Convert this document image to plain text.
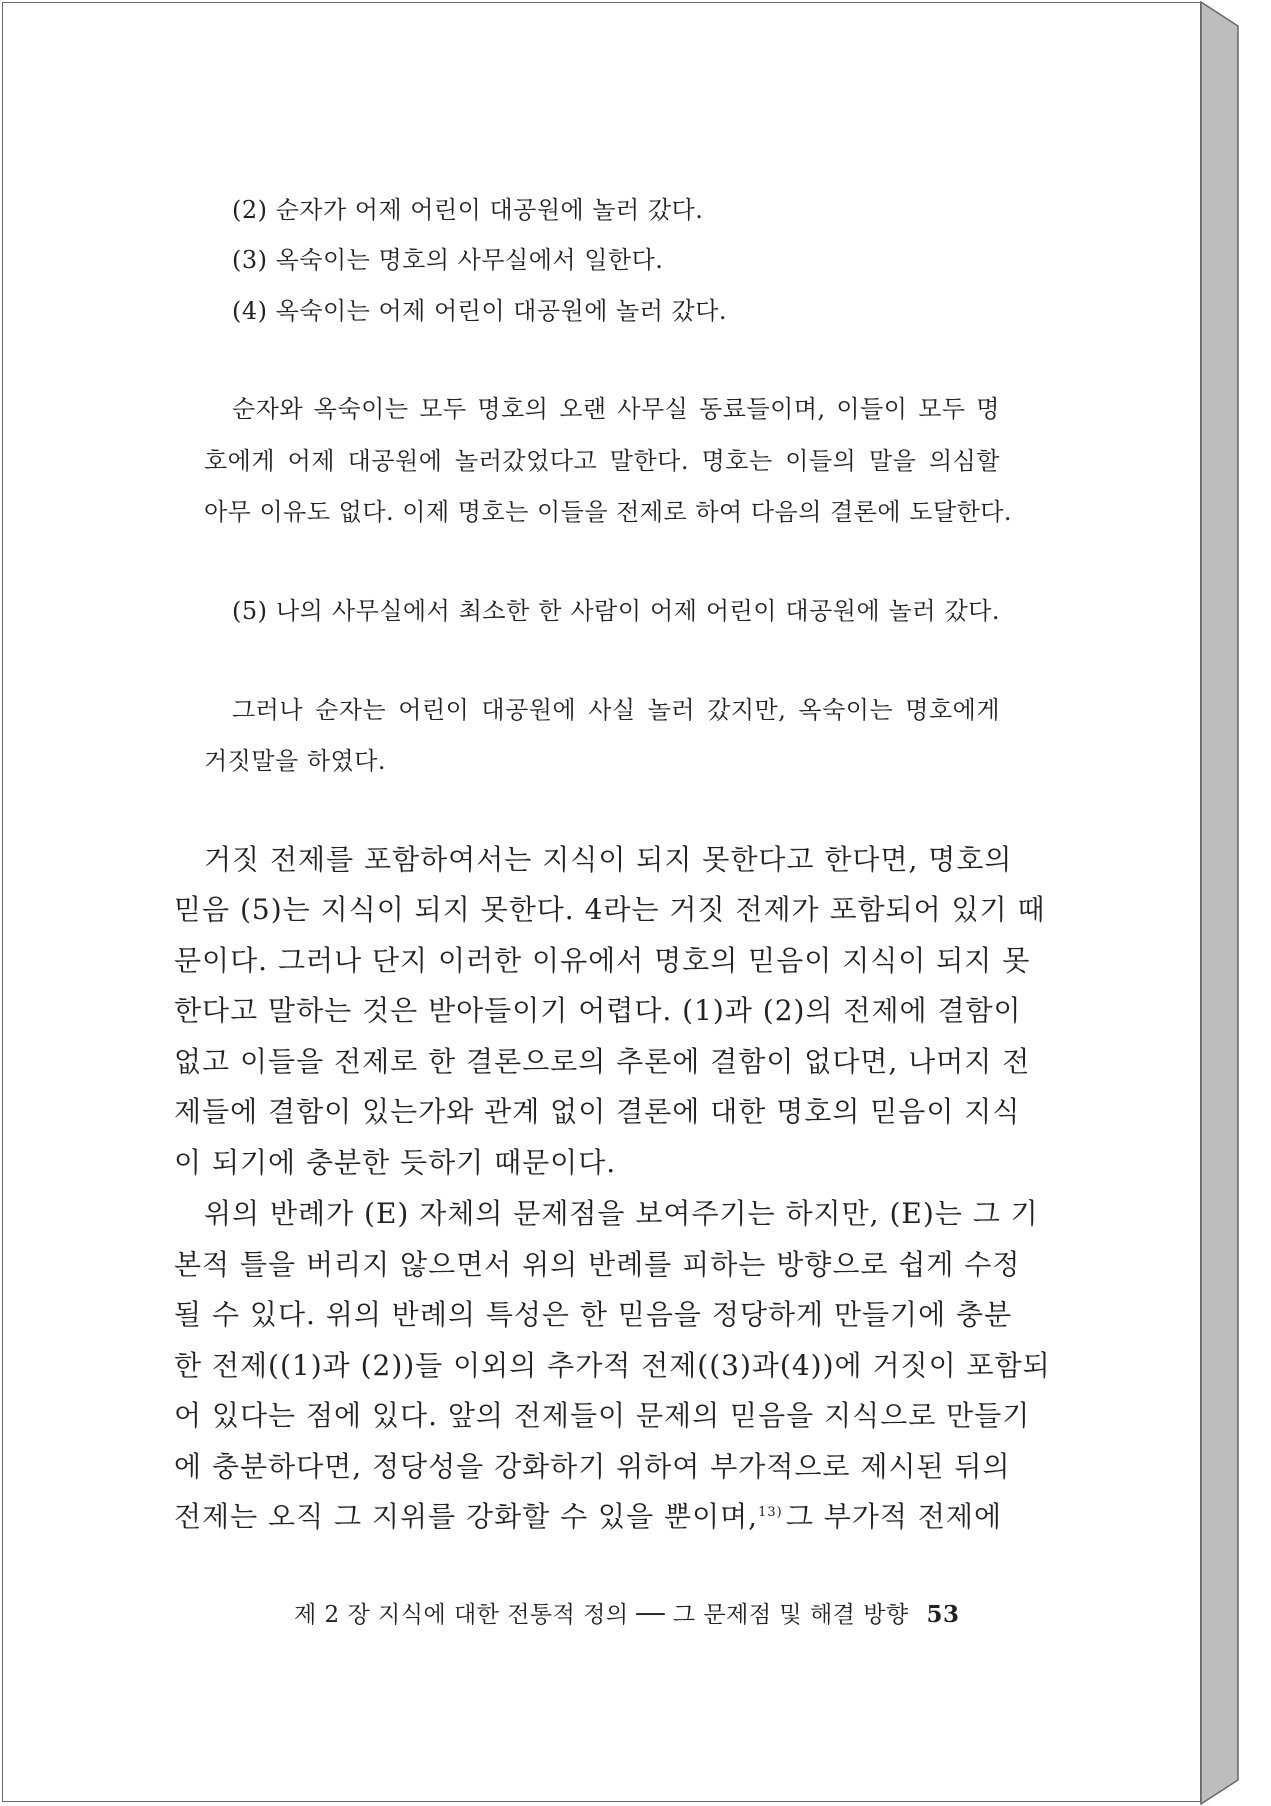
(2) 순자가 어제 어린이 대공원에 놀러 갔다.

(3) 옥숙이는 명호의 사무실에서 일한다.

(4) 옥숙이는 어제 어린이 대공원에 놀러 갔다.

순자와 옥숙이는 모두 명호의 오랜 사무실 동료들이며, 이들이 모두 명

호에게 어제 대공원에 놀러갔었다고 말한다. 명호는 이들의 말을 의심할

아무 이유도 없다. 이제 명호는 이들을 전제로 하여 다음의 결론에 도달한다.

(5) 나의 사무실에서 최소한 한 사람이 어제 어린이 대공원에 놀러 갔다.

그러나 순자는 어린이 대공원에 사실 놀러 갔지만, 옥숙이는 명호에게

거짓말을 하였다.

거짓 전제를 포함하여서는 지식이 되지 못한다고 한다면, 명호의

믿음 (5)는 지식이 되지 못한다. 4라는 거짓 전제가 포함되어 있기 때

문이다. 그러나 단지 이러한 이유에서 명호의 믿음이 지식이 되지 못

한다고 말하는 것은 받아들이기 어렵다. (1)과 (2)의 전제에 결함이

없고 이들을 전제로 한 결론으로의 추론에 결함이 없다면, 나머지 전

제들에 결함이 있는가와 관계 없이 결론에 대한 명호의 믿음이 지식

이 되기에 충분한 듯하기 때문이다.

위의 반례가 (E) 자체의 문제점을 보여주기는 하지만, (E)는 그 기

본적 틀을 버리지 않으면서 위의 반례를 피하는 방향으로 쉽게 수정

될 수 있다. 위의 반례의 특성은 한 믿음을 정당하게 만들기에 충분

한 전제((1)과 (2))들 이외의 추가적 전제((3)과(4))에 거짓이 포함되

어 있다는 점에 있다. 앞의 전제들이 문제의 믿음을 지식으로 만들기

에 충분하다면, 정당성을 강화하기 위하여 부가적으로 제시된 뒤의

전제는 오직 그 지위를 강화할 수 있을 뿐이며,$^{13)}$ 그 부가적 전제에

제 2 장 지식에 대한 전통적 정의 ── 그 문제점 및 해결 방향 53
